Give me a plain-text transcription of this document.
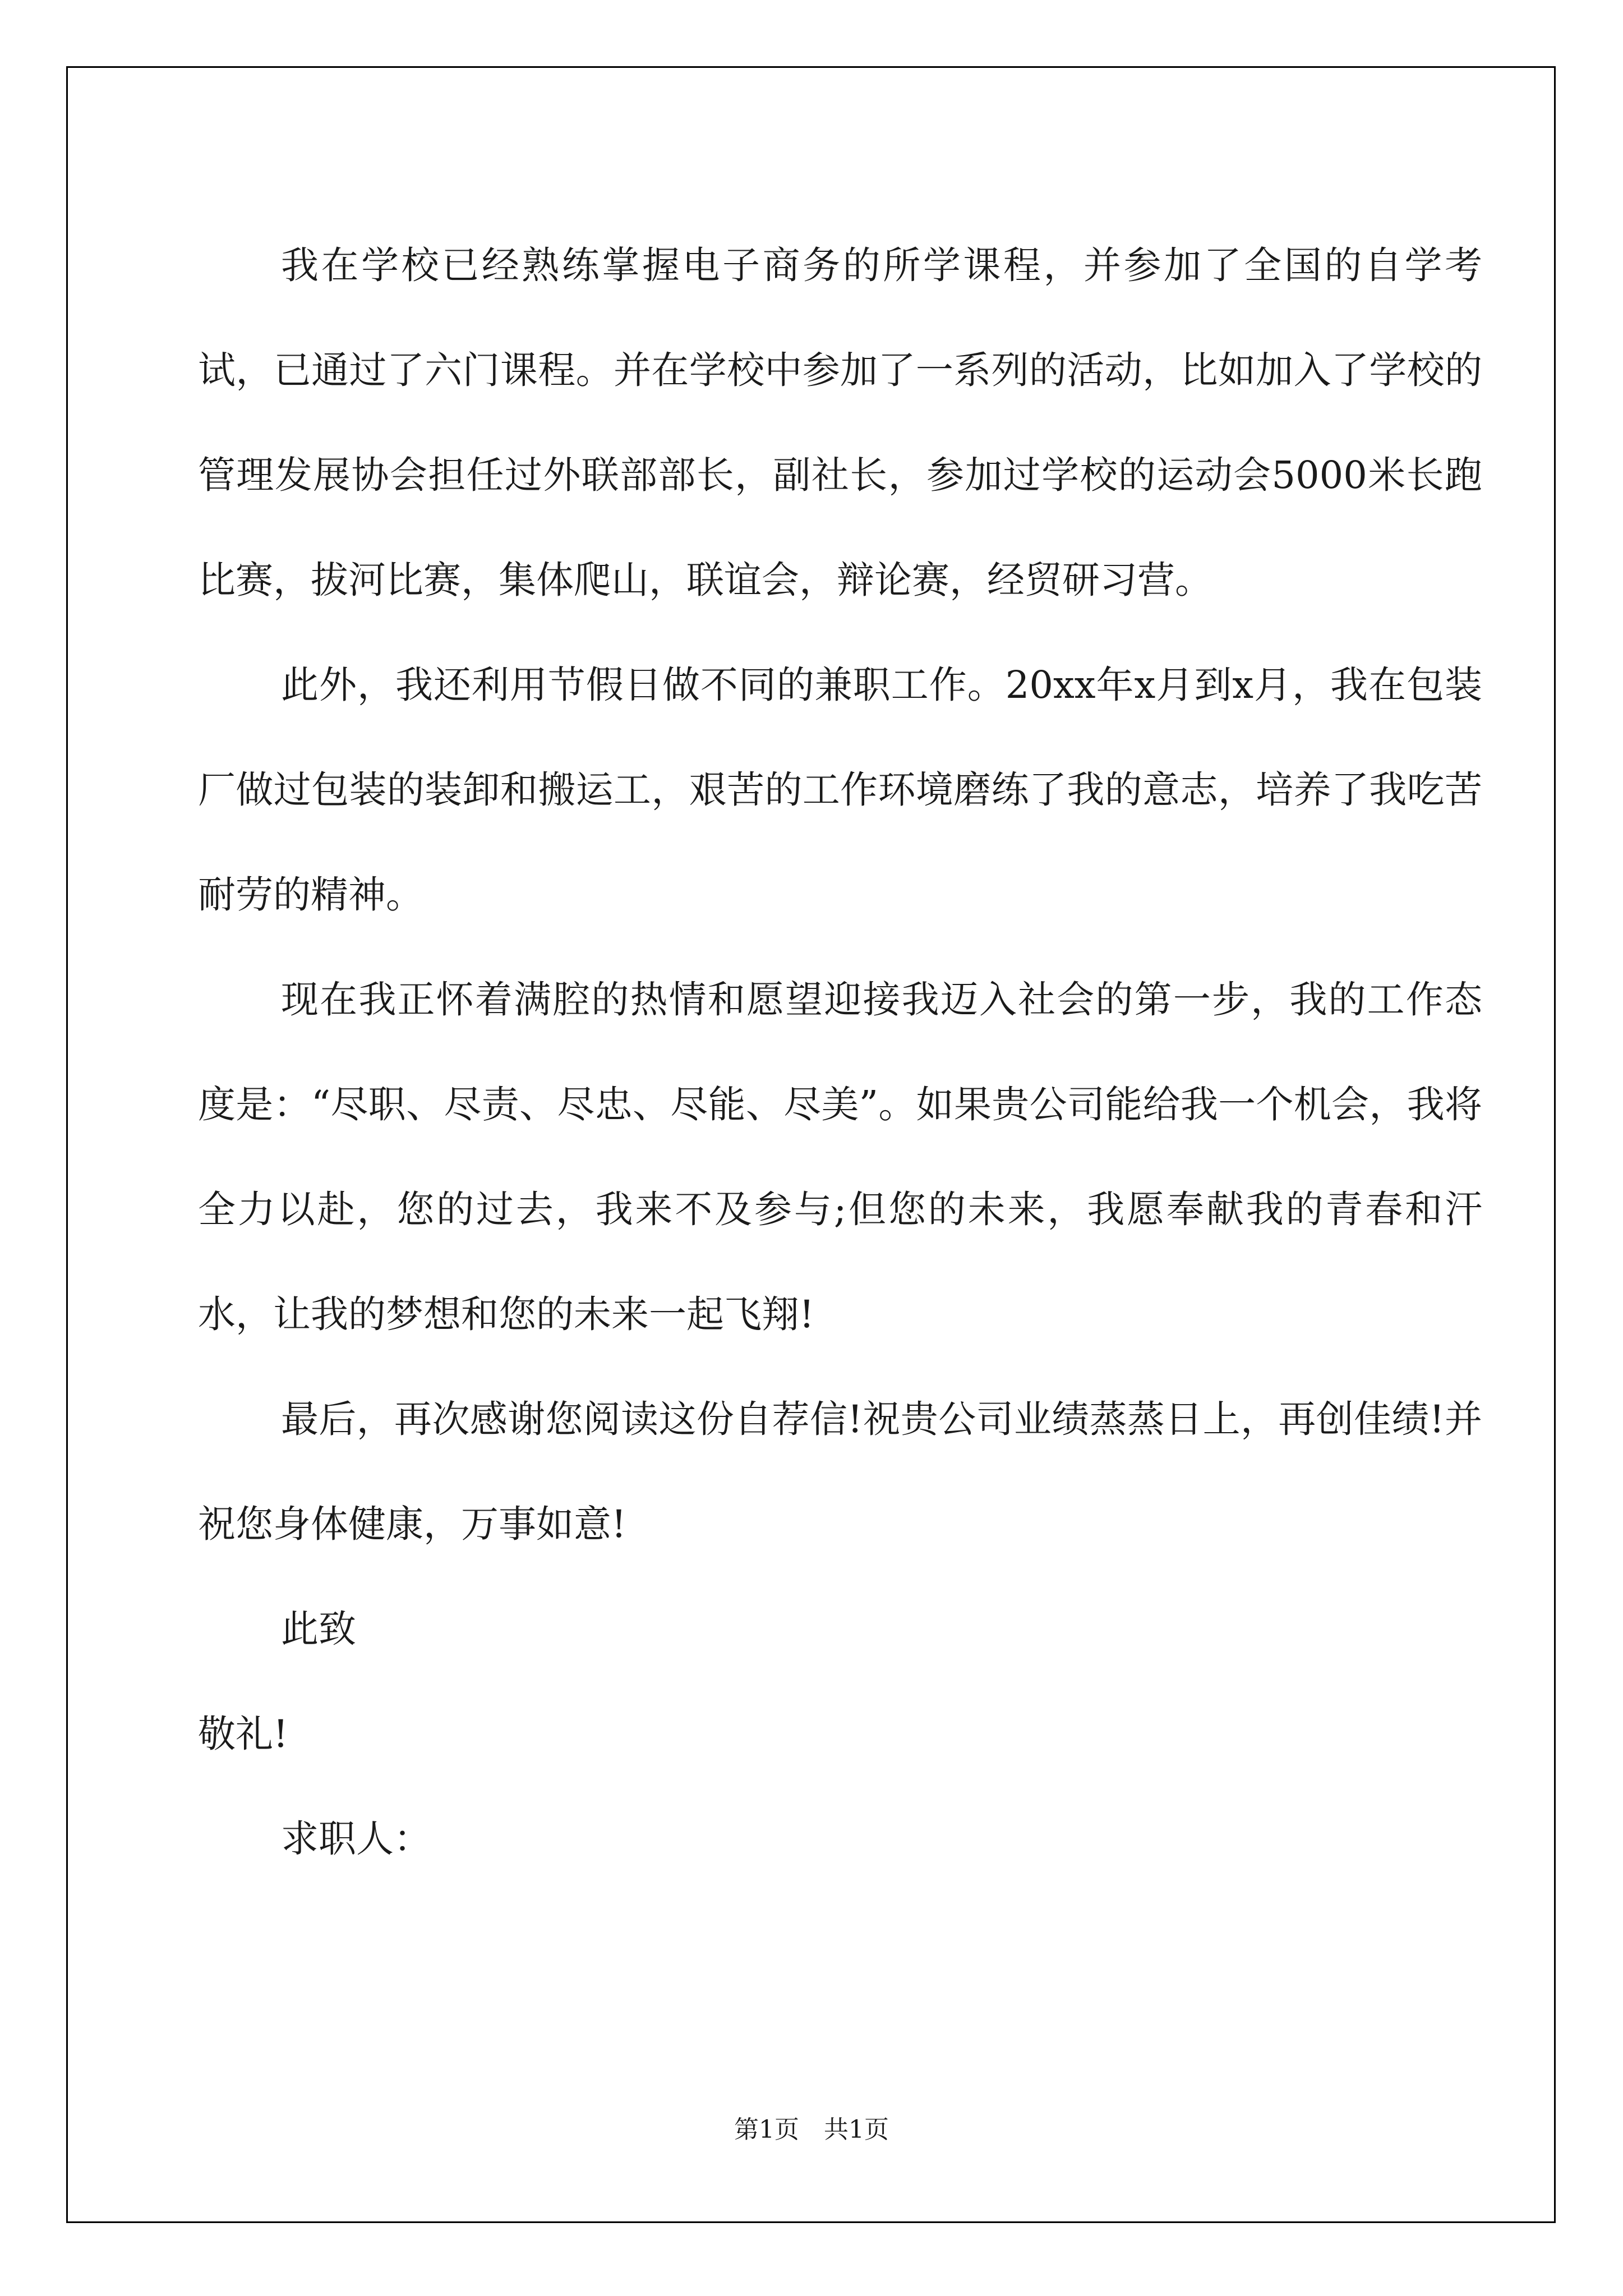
我在学校已经熟练掌握电子商务的所学课程，并参加了全国的自学考试，已通过了六门课程。并在学校中参加了一系列的活动，比如加入了学校的管理发展协会担任过外联部部长，副社长，参加过学校的运动会5000米长跑比赛，拔河比赛，集体爬山，联谊会，辩论赛，经贸研习营。

此外，我还利用节假日做不同的兼职工作。20xx年x月到x月，我在包装厂做过包装的装卸和搬运工，艰苦的工作环境磨练了我的意志，培养了我吃苦耐劳的精神。

现在我正怀着满腔的热情和愿望迎接我迈入社会的第一步，我的工作态度是：“尽职、尽责、尽忠、尽能、尽美”。如果贵公司能给我一个机会，我将全力以赴，您的过去，我来不及参与;但您的未来，我愿奉献我的青春和汗水，让我的梦想和您的未来一起飞翔!

最后，再次感谢您阅读这份自荐信!祝贵公司业绩蒸蒸日上，再创佳绩!并祝您身体健康，万事如意!

此致

敬礼!

求职人：

第1页　共1页
